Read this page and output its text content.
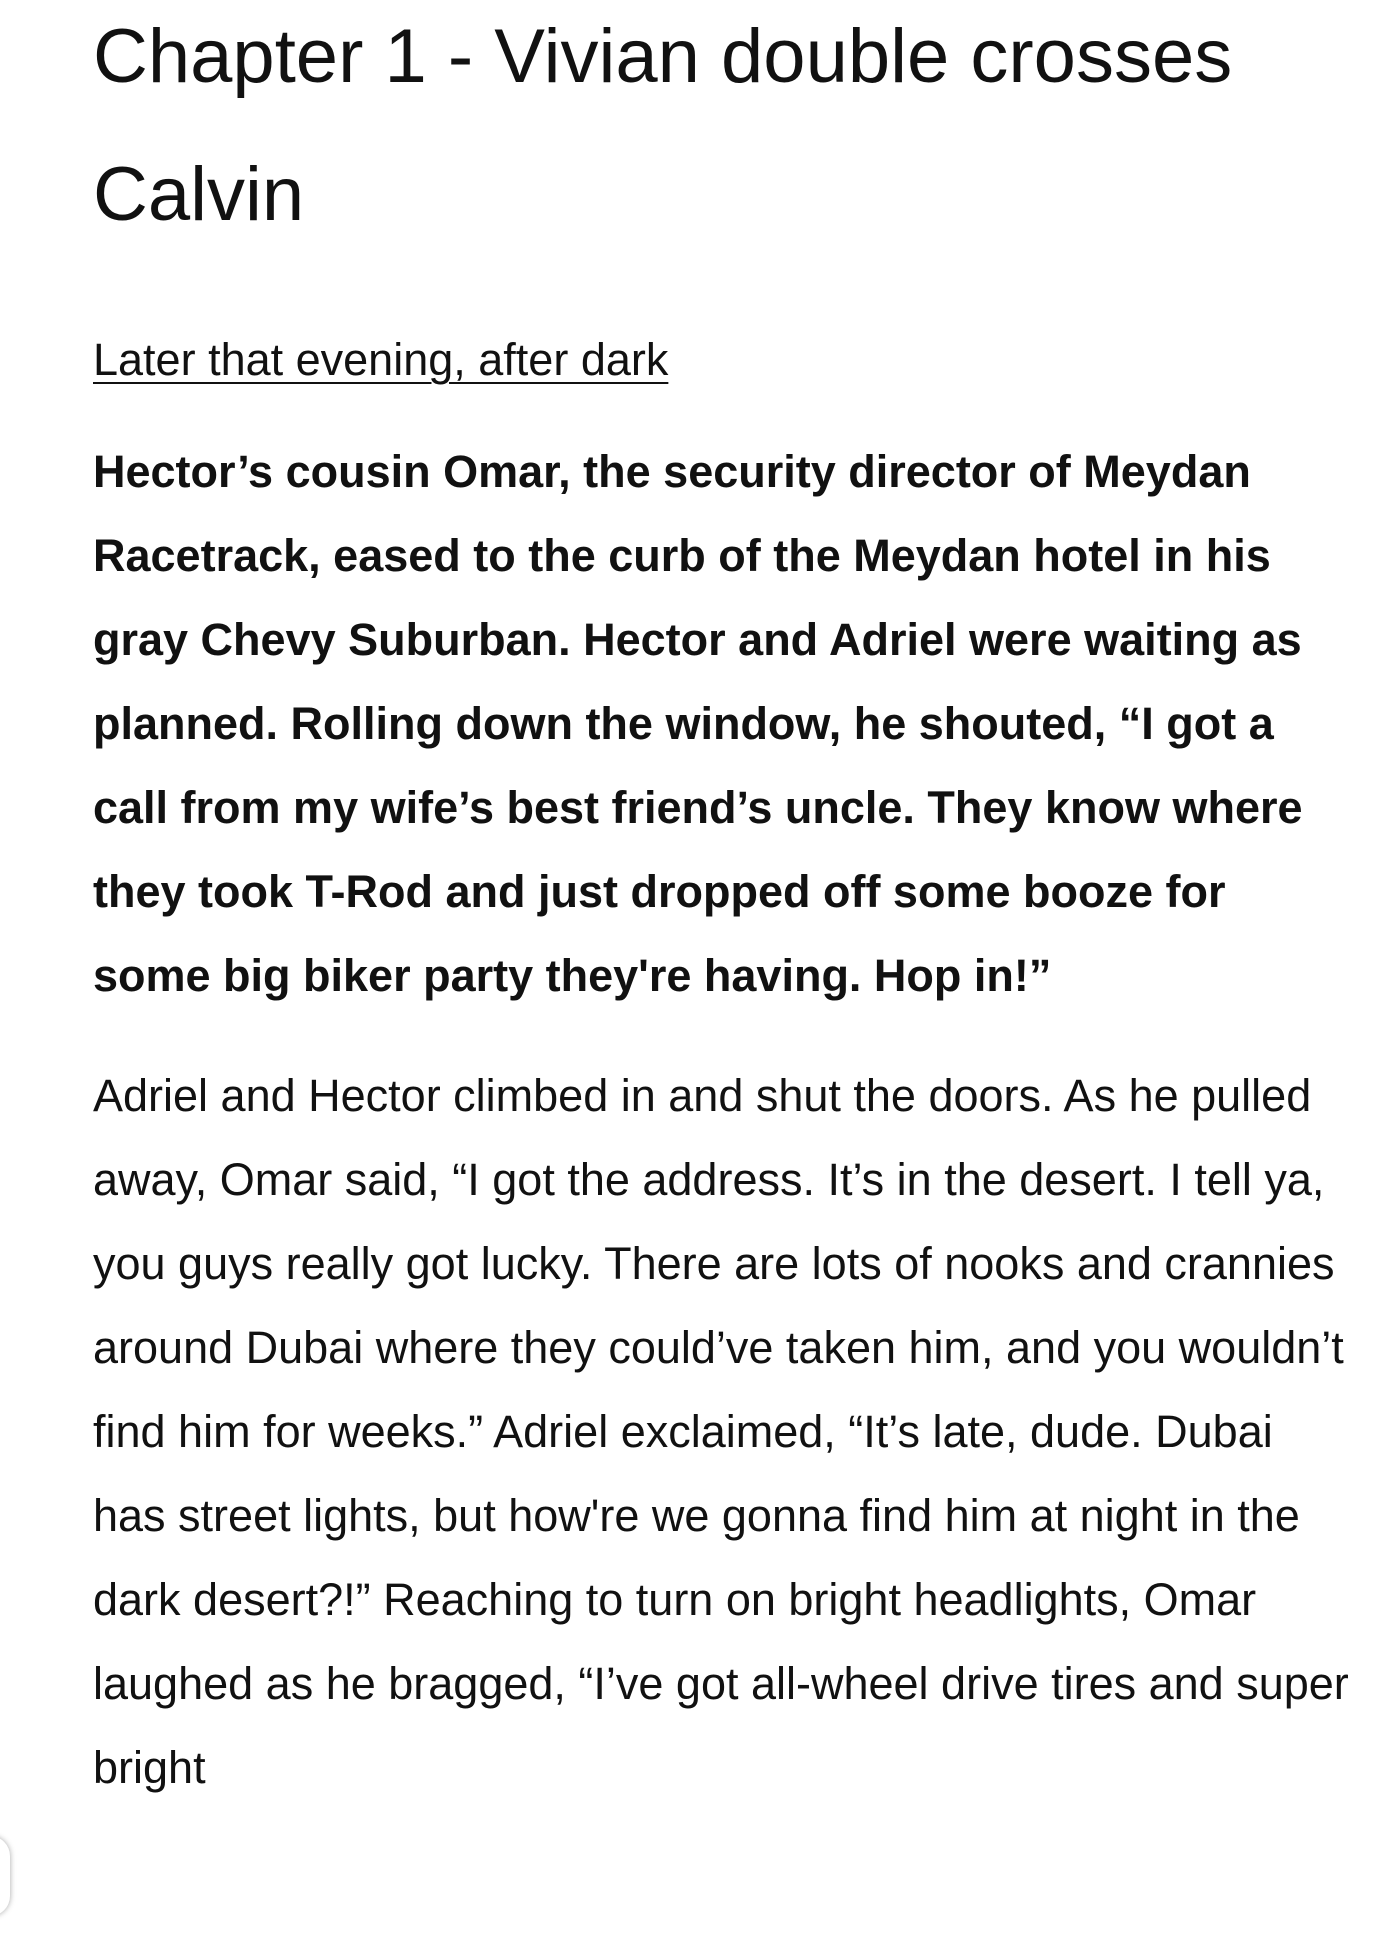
Chapter 1 - Vivian double crosses Calvin
Later that evening, after dark

Hector’s cousin Omar, the security director of Meydan Racetrack, eased to the curb of the Meydan hotel in his gray Chevy Suburban. Hector and Adriel were waiting as planned. Rolling down the window, he shouted, “I got a call from my wife’s best friend’s uncle. They know where they took T-Rod and just dropped off some booze for some big biker party they're having. Hop in!”

Adriel and Hector climbed in and shut the doors. As he pulled away, Omar said, “I got the address. It’s in the desert. I tell ya, you guys really got lucky. There are lots of nooks and crannies around Dubai where they could’ve taken him, and you wouldn’t find him for weeks.” Adriel exclaimed, “It’s late, dude. Dubai has street lights, but how're we gonna find him at night in the dark desert?!” Reaching to turn on bright headlights, Omar laughed as he bragged, “I’ve got all-wheel drive tires and super bright
